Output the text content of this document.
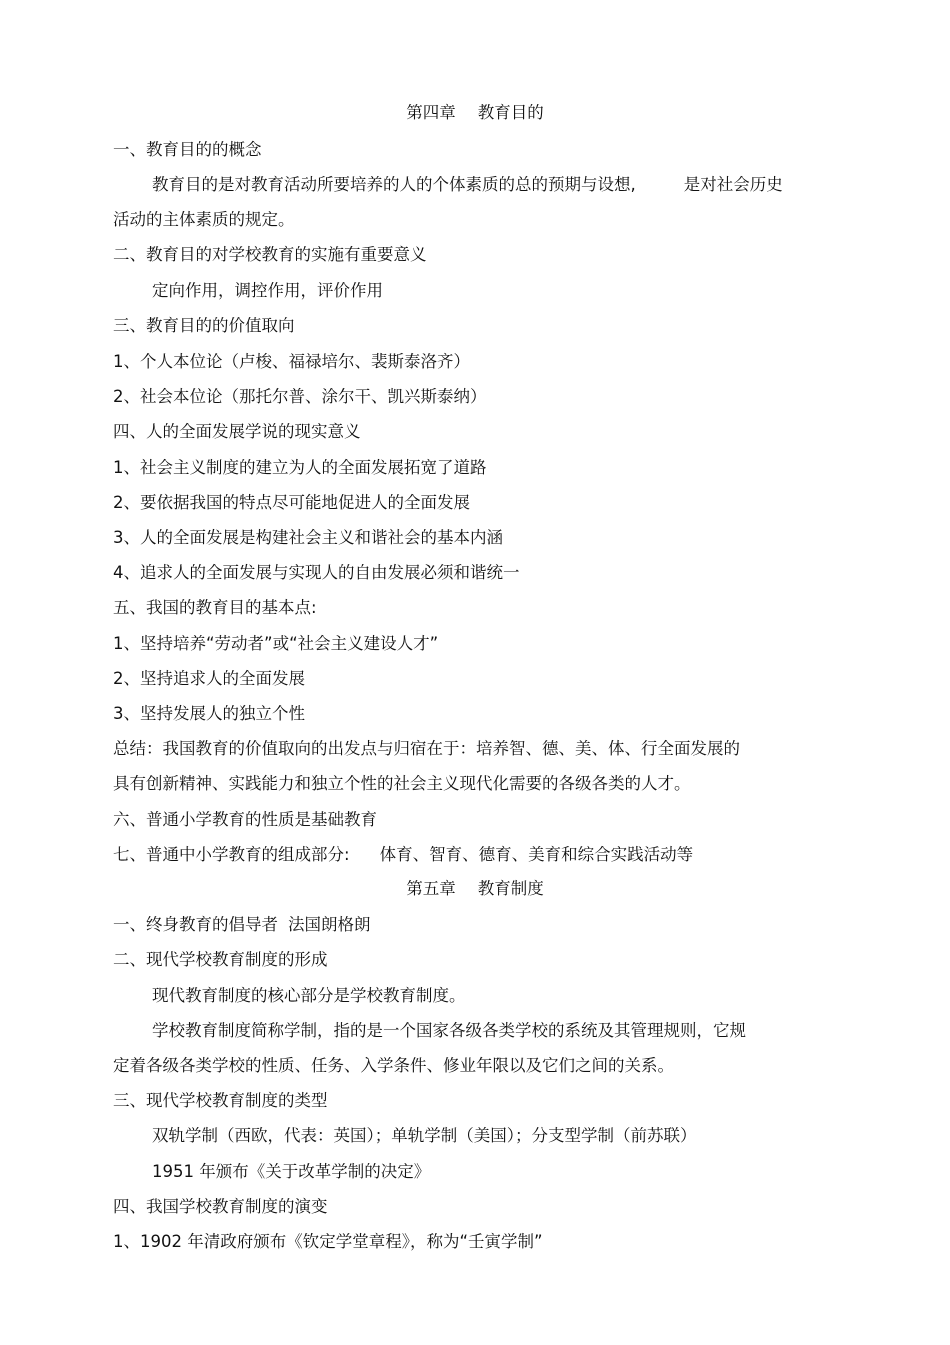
第四章 教育目的
一、教育目的的概念
教育目的是对教育活动所要培养的人的个体素质的总的预期与设想,	是对社会历史
活动的主体素质的规定。
二、教育目的对学校教育的实施有重要意义
定向作用，调控作用，评价作用
三、教育目的的价值取向
1、个人本位论（卢梭、福禄培尔、裴斯泰洛齐）
2、社会本位论（那托尔普、涂尔干、凯兴斯泰纳）
四、人的全面发展学说的现实意义
1、社会主义制度的建立为人的全面发展拓宽了道路
2、要依据我国的特点尽可能地促进人的全面发展
3、人的全面发展是构建社会主义和谐社会的基本内涵
4、追求人的全面发展与实现人的自由发展必须和谐统一
五、我国的教育目的基本点:
1、坚持培养“劳动者”或“社会主义建设人才”
2、坚持追求人的全面发展
3、坚持发展人的独立个性
总结：我国教育的价值取向的出发点与归宿在于：培养智、德、美、体、行全面发展的
具有创新精神、实践能力和独立个性的社会主义现代化需要的各级各类的人才。
六、普通小学教育的性质是基础教育
七、普通中小学教育的组成部分: 体育、智育、德育、美育和综合实践活动等
第五章 教育制度
一、终身教育的倡导者 法国朗格朗
二、现代学校教育制度的形成
现代教育制度的核心部分是学校教育制度。
学校教育制度简称学制，指的是一个国家各级各类学校的系统及其管理规则，它规
定着各级各类学校的性质、任务、入学条件、修业年限以及它们之间的关系。
三、现代学校教育制度的类型
双轨学制（西欧，代表：英国）；单轨学制（美国）；分支型学制（前苏联）
1951 年颁布《关于改革学制的决定》
四、我国学校教育制度的演变
1、1902 年清政府颁布《钦定学堂章程》，称为“壬寅学制”
